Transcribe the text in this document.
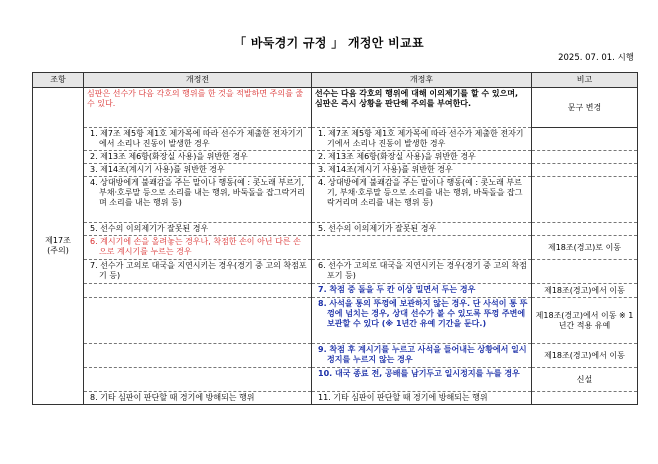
「 바둑경기 규정 」 개정안 비교표
2025. 07. 01. 시행
조항	개정전	개정후	비고

제17조
(주의)	심판은 선수가 다음 각호의 행위를 한 것을 적발하면 주의를 줄 수 있다.	선수는 다음 각호의 행위에 대해 이의제기를 할 수 있으며, 심판은 즉시 상황을 판단해 주의를 부여한다.	문구 변경

	1. 제7조 제5항 제1호 제가목에 따라 선수가 제출한 전자기기에서 소리나 진동이 발생한 경우	1. 제7조 제5항 제1호 제가목에 따라 선수가 제출한 전자기기에서 소리나 진동이 발생한 경우	

	2. 제13조 제6항(화장실 사용)을 위반한 경우	2. 제13조 제6항(화장실 사용)을 위반한 경우	

	3. 제14조(계시기 사용)를 위반한 경우	3. 제14조(계시기 사용)를 위반한 경우	

	4. 상대방에게 불쾌감을 주는 말이나 행동(예 : 콧노래 부르기, 부채·호루말 등으로 소리를 내는 행위, 바둑돌을 잡그락거리며 소리를 내는 행위 등)	4. 상대방에게 불쾌감을 주는 말이나 행동(예 : 콧노래 부르기, 부채·호루말 등으로 소리를 내는 행위, 바둑돌을 잡그락거리며 소리를 내는 행위 등)	

	5. 선수의 이의제기가 잘못된 경우	5. 선수의 이의제기가 잘못된 경우	

	6. 계시기에 손을 올려놓는 경우나, 착점한 손이 아닌 다른 손으로 계시기를 누르는 경우		제18조(경고)로 이동

	7. 선수가 고의로 대국을 지연시키는 경우(경기 중 고의 착점포기 등)	6. 선수가 고의로 대국을 지연시키는 경우(경기 중 고의 착점포기 등)	

		7. 착점 중 돌을 두 칸 이상 밀면서 두는 경우	제18조(경고)에서 이동

		8. 사석을 통의 뚜껑에 보관하지 않는 경우. 단 사석이 통 뚜껑에 넘치는 경우, 상대 선수가 볼 수 있도록 뚜껑 주변에 보관할 수 있다 (※ 1년간 유예 기간을 둔다.)	제18조(경고)에서 이동 ※ 1년간 적용 유예

		9. 착점 후 계시기를 누르고 사석을 들어내는 상황에서 일시정지를 누르지 않는 경우	제18조(경고)에서 이동

		10. 대국 종료 전, 공배를 남기두고 일시정지를 누를 경우	신설

	8. 기타 심판이 판단할 때 경기에 방해되는 행위	11. 기타 심판이 판단할 때 경기에 방해되는 행위	
